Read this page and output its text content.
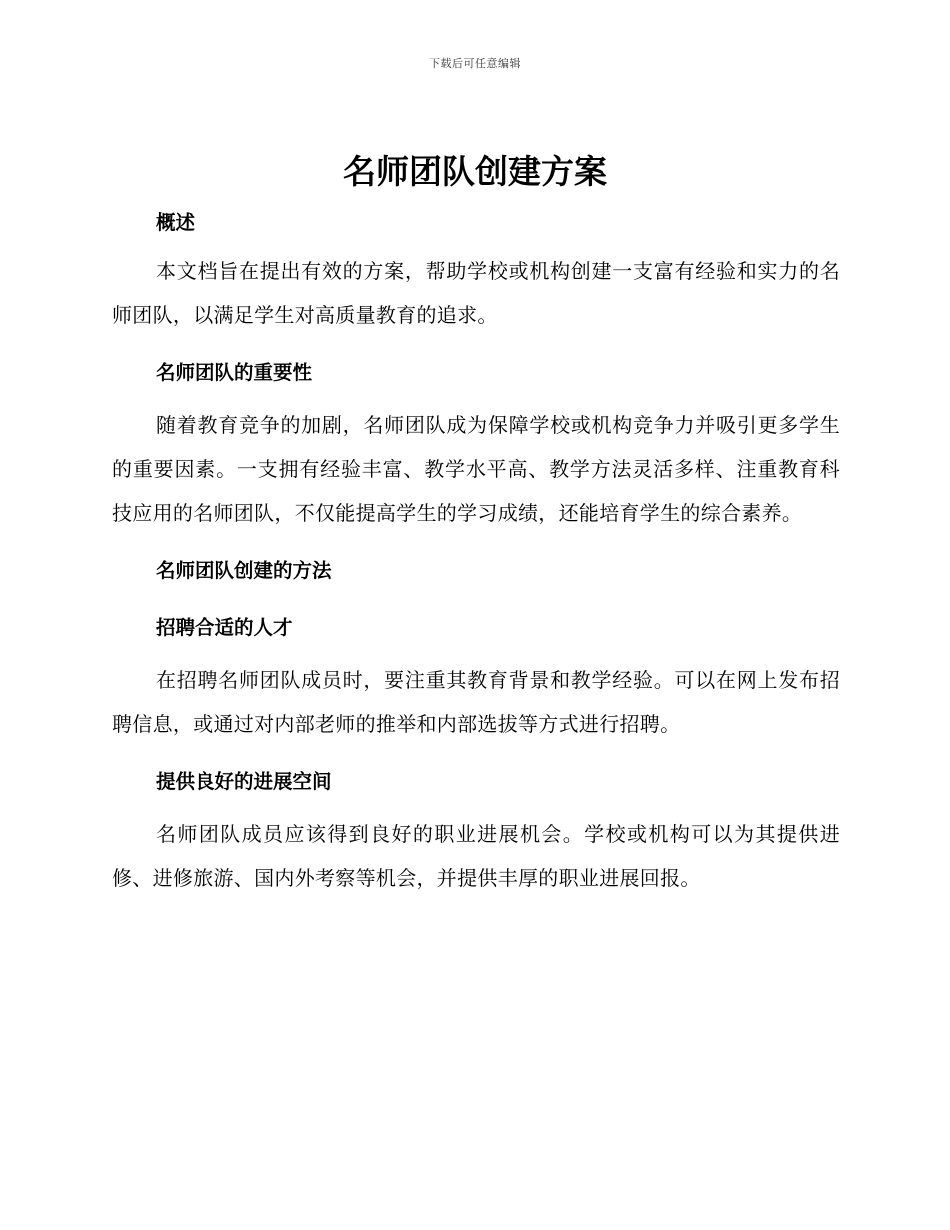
下载后可任意编辑
名师团队创建方案
概述

本文档旨在提出有效的方案，帮助学校或机构创建一支富有经验和实力的名师团队，以满足学生对高质量教育的追求。

名师团队的重要性

随着教育竞争的加剧，名师团队成为保障学校或机构竞争力并吸引更多学生的重要因素。一支拥有经验丰富、教学水平高、教学方法灵活多样、注重教育科技应用的名师团队，不仅能提高学生的学习成绩，还能培育学生的综合素养。

名师团队创建的方法
招聘合适的人才

在招聘名师团队成员时，要注重其教育背景和教学经验。可以在网上发布招聘信息，或通过对内部老师的推举和内部选拔等方式进行招聘。

提供良好的进展空间

名师团队成员应该得到良好的职业进展机会。学校或机构可以为其提供进修、进修旅游、国内外考察等机会，并提供丰厚的职业进展回报。
